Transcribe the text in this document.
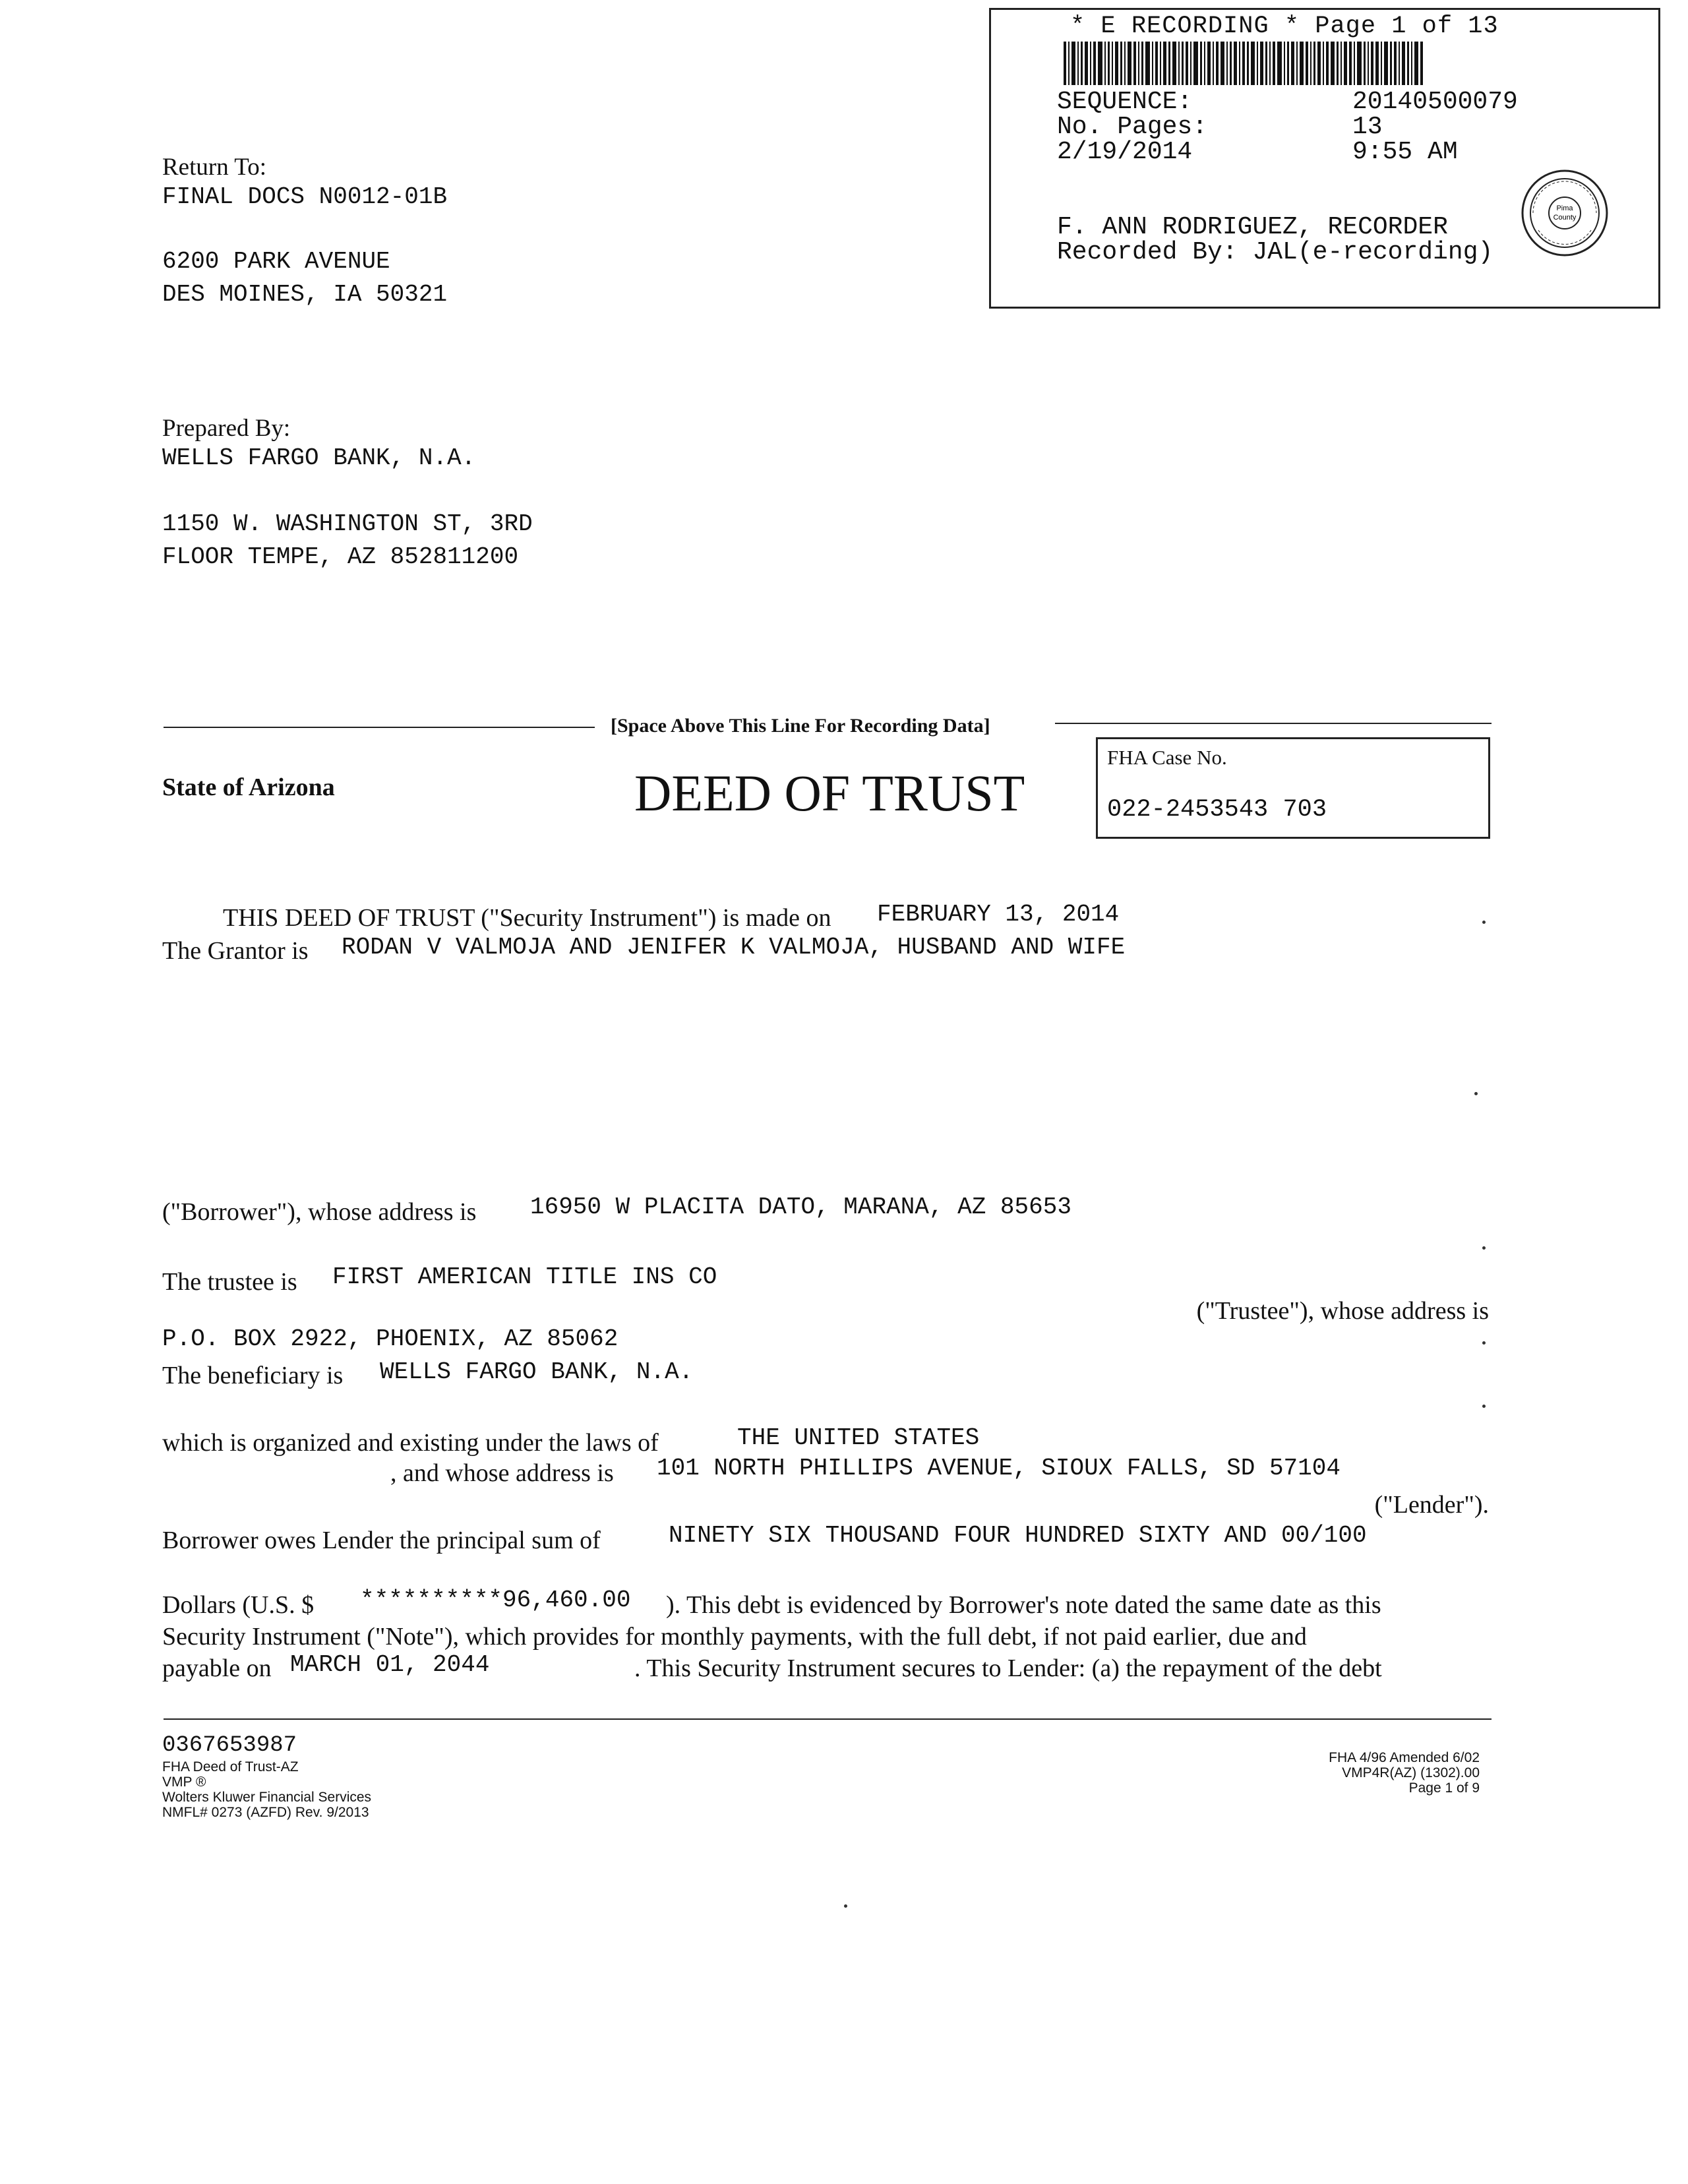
* E RECORDING * Page 1 of 13
SEQUENCE:	20140500079
No. Pages:	13
2/19/2014	9:55 AM
F. ANN RODRIGUEZ, RECORDER
Recorded By: JAL(e-recording)
Pima
County
Return To:
FINAL DOCS N0012-01B
6200 PARK AVENUE
DES MOINES, IA 50321
Prepared By:
WELLS FARGO BANK, N.A.
1150 W. WASHINGTON ST, 3RD
FLOOR TEMPE, AZ 852811200
[Space Above This Line For Recording Data]
State of Arizona	DEED OF TRUST
FHA Case No.
022-2453543 703
THIS DEED OF TRUST ("Security Instrument") is made on FEBRUARY 13, 2014
The Grantor is RODAN V VALMOJA AND JENIFER K VALMOJA, HUSBAND AND WIFE
("Borrower"), whose address is 16950 W PLACITA DATO, MARANA, AZ 85653
The trustee is FIRST AMERICAN TITLE INS CO
("Trustee"), whose address is
P.O. BOX 2922, PHOENIX, AZ 85062
The beneficiary is WELLS FARGO BANK, N.A.
which is organized and existing under the laws of	THE UNITED STATES
, and whose address is 101 NORTH PHILLIPS AVENUE, SIOUX FALLS, SD 57104
("Lender").
Borrower owes Lender the principal sum of	NINETY SIX THOUSAND FOUR HUNDRED SIXTY AND 00/100
Dollars (U.S. $ **********96,460.00 ). This debt is evidenced by Borrower's note dated the same date as this
Security Instrument ("Note"), which provides for monthly payments, with the full debt, if not paid earlier, due and
payable on MARCH 01, 2044	. This Security Instrument secures to Lender: (a) the repayment of the debt
0367653987
FHA Deed of Trust-AZ
VMP ®
Wolters Kluwer Financial Services
NMFL# 0273 (AZFD) Rev. 9/2013
FHA 4/96 Amended 6/02
VMP4R(AZ) (1302).00
Page 1 of 9
